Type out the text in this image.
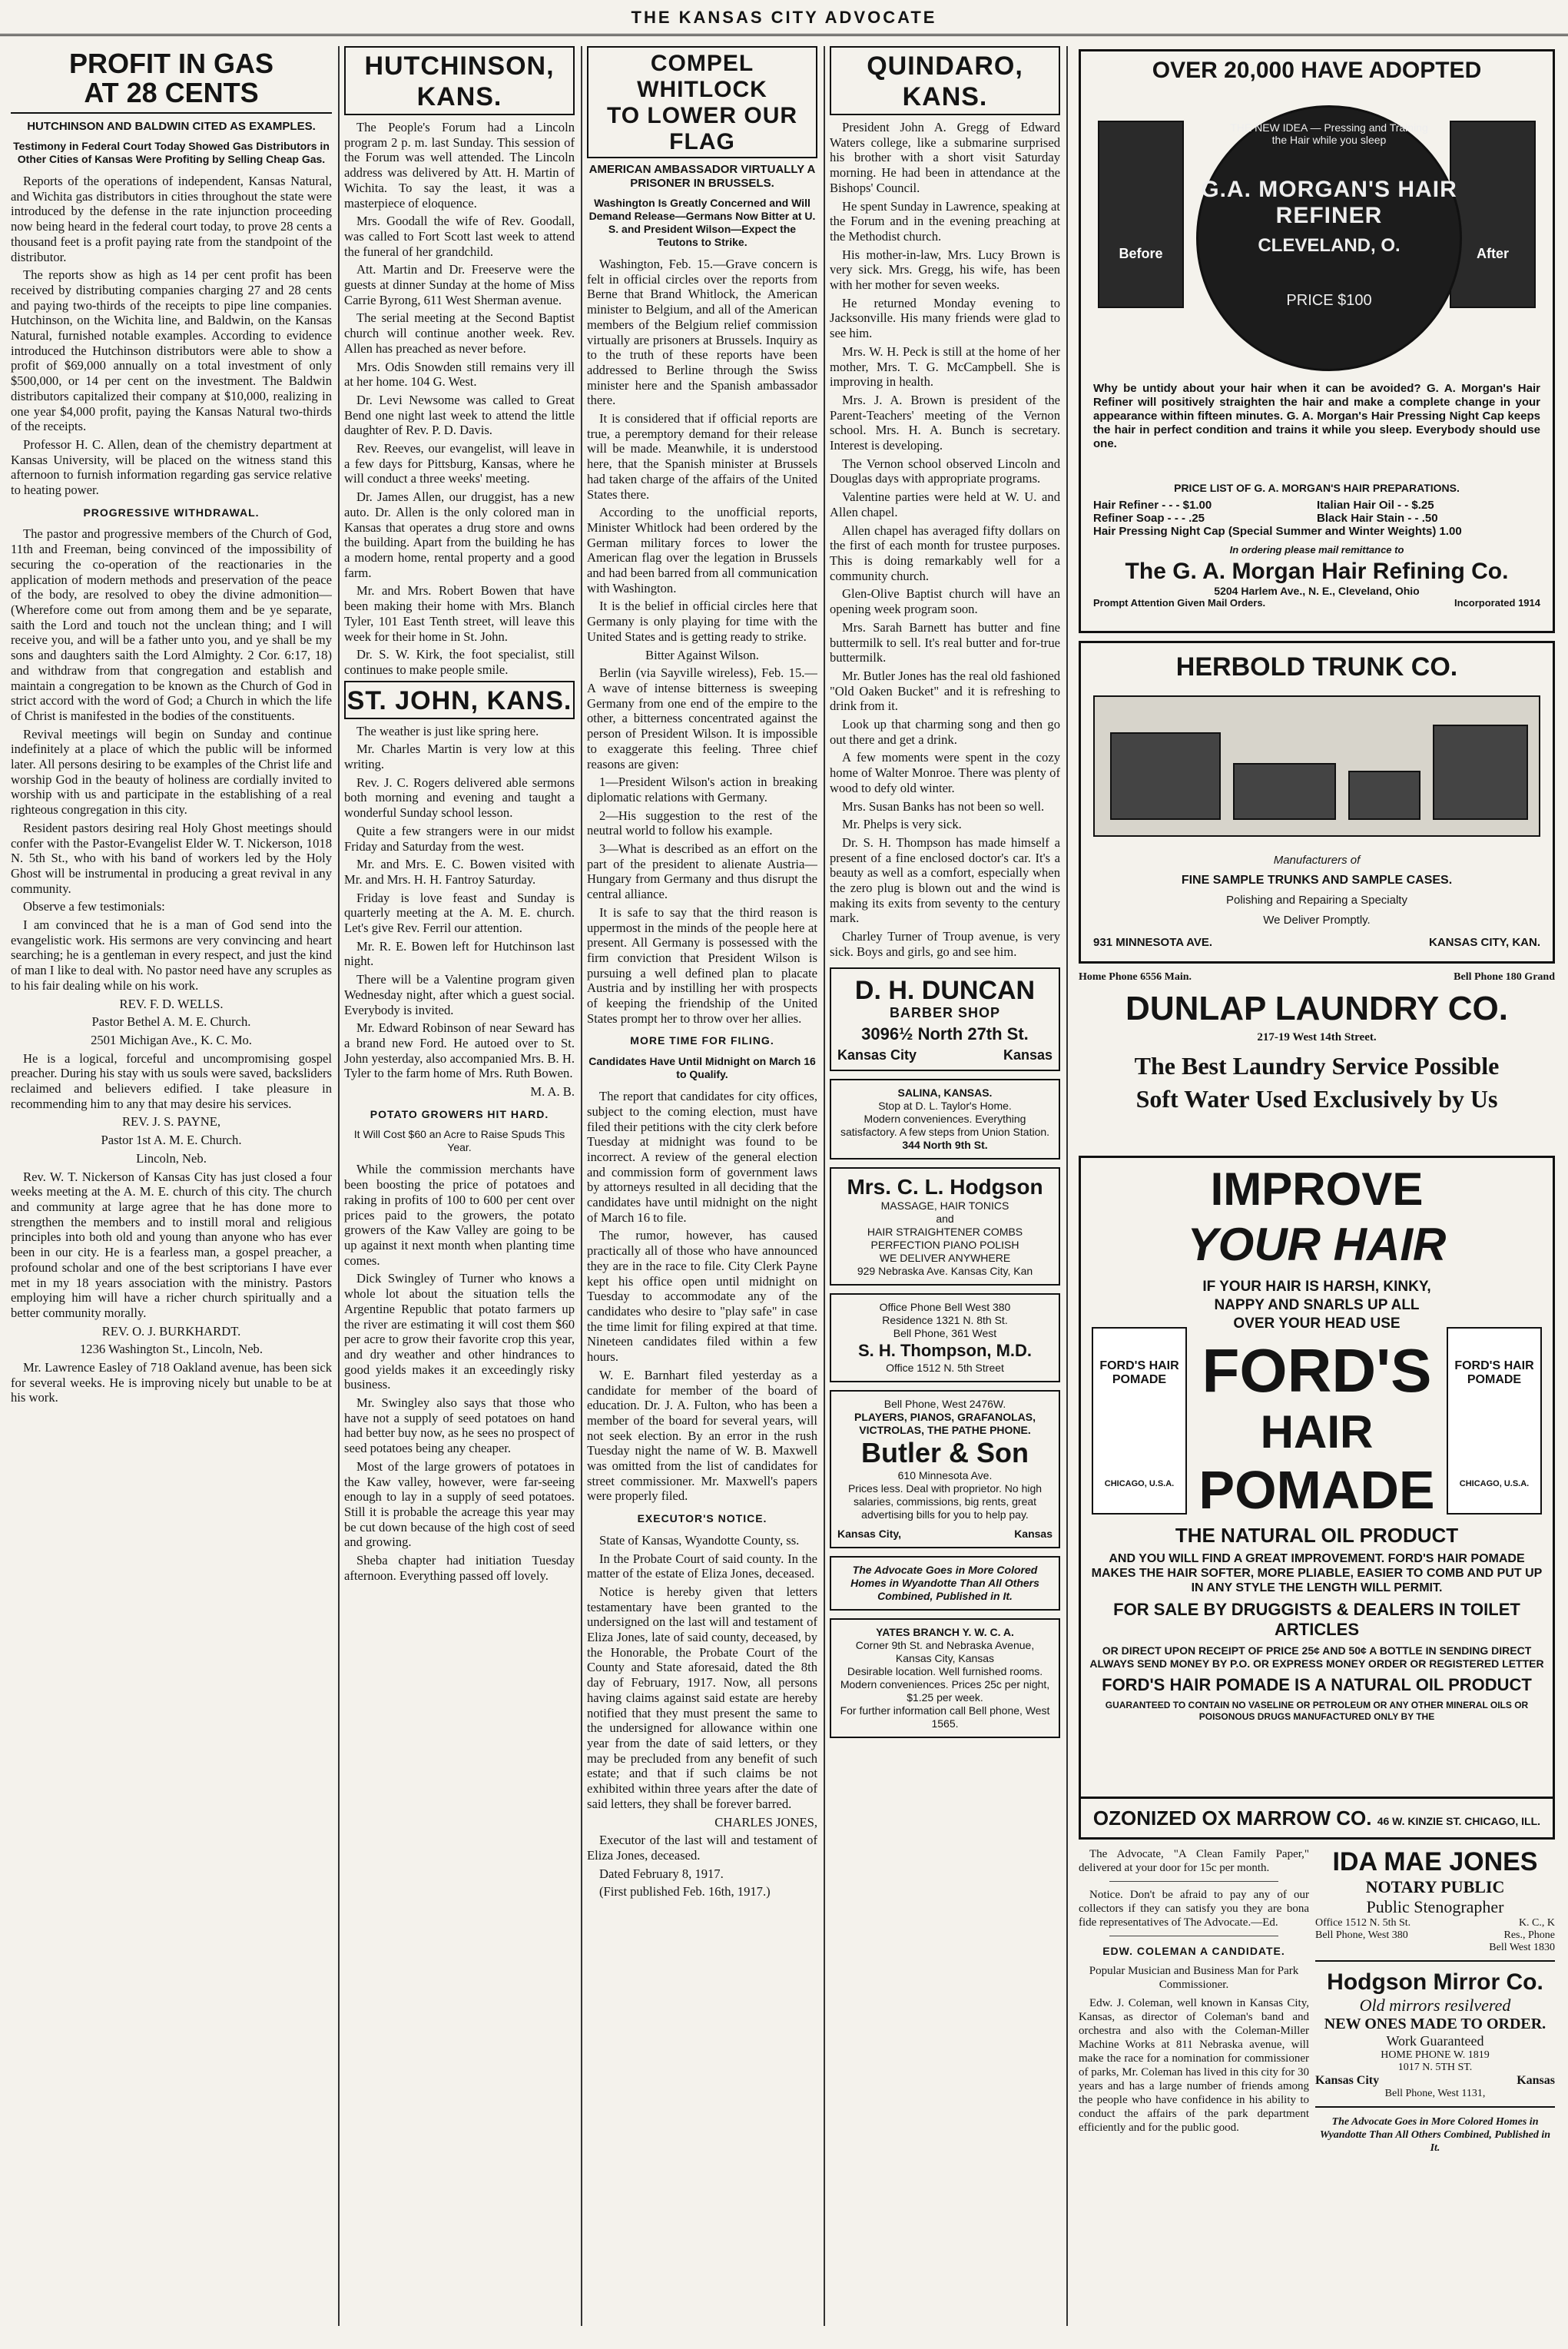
THE KANSAS CITY ADVOCATE
PROFIT IN GAS
AT 28 CENTS
HUTCHINSON AND BALDWIN CITED AS EXAMPLES.
Testimony in Federal Court Today Showed Gas Distributors in Other Cities of Kansas Were Profiting by Selling Cheap Gas.

Reports of the operations of independent, Kansas Natural, and Wichita gas distributors in cities throughout the state were introduced by the defense in the rate injunction proceeding now being heard in the federal court today, to prove 28 cents a thousand feet is a profit paying rate from the standpoint of the distributor.

The reports show as high as 14 per cent profit has been received by distributing companies charging 27 and 28 cents and paying two-thirds of the receipts to pipe line companies. Hutchinson, on the Wichita line, and Baldwin, on the Kansas Natural, furnished notable examples. According to evidence introduced the Hutchinson distributors were able to show a profit of $69,000 annually on a total investment of only $500,000, or 14 per cent on the investment. The Baldwin distributors capitalized their company at $10,000, realizing in one year $4,000 profit, paying the Kansas Natural two-thirds of the receipts.

Professor H. C. Allen, dean of the chemistry department at Kansas University, will be placed on the witness stand this afternoon to furnish information regarding gas service relative to heating power.

PROGRESSIVE WITHDRAWAL.

The pastor and progressive members of the Church of God, 11th and Freeman, being convinced of the impossibility of securing the co-operation of the reactionaries in the application of modern methods and preservation of the peace of the body, are resolved to obey the divine admonition—(Wherefore come out from among them and be ye separate, saith the Lord and touch not the unclean thing; and I will receive you, and will be a father unto you, and ye shall be my sons and daughters saith the Lord Almighty. 2 Cor. 6:17, 18) and withdraw from that congregation and establish and maintain a congregation to be known as the Church of God in strict accord with the word of God; a Church in which the life of Christ is manifested in the bodies of the constituents.

Revival meetings will begin on Sunday and continue indefinitely at a place of which the public will be informed later. All persons desiring to be examples of the Christ life and worship God in the beauty of holiness are cordially invited to worship with us and participate in the establishing of a real righteous congregation in this city.

Resident pastors desiring real Holy Ghost meetings should confer with the Pastor-Evangelist Elder W. T. Nickerson, 1018 N. 5th St., who with his band of workers led by the Holy Ghost will be instrumental in producing a great revival in any community.

Observe a few testimonials:

I am convinced that he is a man of God send into the evangelistic work. His sermons are very convincing and heart searching; he is a gentleman in every respect, and just the kind of man I like to deal with. No pastor need have any scruples as to his fair dealing while on his work.

REV. F. D. WELLS.

Pastor Bethel A. M. E. Church.

2501 Michigan Ave., K. C. Mo.

He is a logical, forceful and uncompromising gospel preacher. During his stay with us souls were saved, backsliders reclaimed and believers edified. I take pleasure in recommending him to any that may desire his services.

REV. J. S. PAYNE,

Pastor 1st A. M. E. Church.

Lincoln, Neb.

Rev. W. T. Nickerson of Kansas City has just closed a four weeks meeting at the A. M. E. church of this city. The church and community at large agree that he has done more to strengthen the members and to instill moral and religious principles into both old and young than anyone who has ever been in our city. He is a fearless man, a gospel preacher, a profound scholar and one of the best scriptorians I have ever met in my 18 years association with the ministry. Pastors employing him will have a richer church spiritually and a better community morally.

REV. O. J. BURKHARDT.

1236 Washington St., Lincoln, Neb.

Mr. Lawrence Easley of 718 Oakland avenue, has been sick for several weeks. He is improving nicely but unable to be at his work.

HUTCHINSON, KANS.

The People's Forum had a Lincoln program 2 p. m. last Sunday. This session of the Forum was well attended. The Lincoln address was delivered by Att. H. Martin of Wichita. To say the least, it was a masterpiece of eloquence.

Mrs. Goodall the wife of Rev. Goodall, was called to Fort Scott last week to attend the funeral of her grandchild.

Att. Martin and Dr. Freeserve were the guests at dinner Sunday at the home of Miss Carrie Byrong, 611 West Sherman avenue.

The serial meeting at the Second Baptist church will continue another week. Rev. Allen has preached as never before.

Mrs. Odis Snowden still remains very ill at her home. 104 G. West.

Dr. Levi Newsome was called to Great Bend one night last week to attend the little daughter of Rev. P. D. Davis.

Rev. Reeves, our evangelist, will leave in a few days for Pittsburg, Kansas, where he will conduct a three weeks' meeting.

Dr. James Allen, our druggist, has a new auto. Dr. Allen is the only colored man in Kansas that operates a drug store and owns the building. Apart from the building he has a modern home, rental property and a good farm.

Mr. and Mrs. Robert Bowen that have been making their home with Mrs. Blanch Tyler, 101 East Tenth street, will leave this week for their home in St. John.

Dr. S. W. Kirk, the foot specialist, still continues to make people smile.

ST. JOHN, KANS.

The weather is just like spring here.

Mr. Charles Martin is very low at this writing.

Rev. J. C. Rogers delivered able sermons both morning and evening and taught a wonderful Sunday school lesson.

Quite a few strangers were in our midst Friday and Saturday from the west.

Mr. and Mrs. E. C. Bowen visited with Mr. and Mrs. H. H. Fantroy Saturday.

Friday is love feast and Sunday is quarterly meeting at the A. M. E. church. Let's give Rev. Ferril our attention.

Mr. R. E. Bowen left for Hutchinson last night.

There will be a Valentine program given Wednesday night, after which a guest social. Everybody is invited.

Mr. Edward Robinson of near Seward has a brand new Ford. He autoed over to St. John yesterday, also accompanied Mrs. B. H. Tyler to the farm home of Mrs. Ruth Bowen.

M. A. B.

POTATO GROWERS HIT HARD.
It Will Cost $60 an Acre to Raise Spuds This Year.

While the commission merchants have been boosting the price of potatoes and raking in profits of 100 to 600 per cent over prices paid to the growers, the potato growers of the Kaw Valley are going to be up against it next month when planting time comes.

Dick Swingley of Turner who knows a whole lot about the situation tells the Argentine Republic that potato farmers up the river are estimating it will cost them $60 per acre to grow their favorite crop this year, and dry weather and other hindrances to good yields makes it an exceedingly risky business.

Mr. Swingley also says that those who have not a supply of seed potatoes on hand had better buy now, as he sees no prospect of seed potatoes being any cheaper.

Most of the large growers of potatoes in the Kaw valley, however, were far-seeing enough to lay in a supply of seed potatoes. Still it is probable the acreage this year may be cut down because of the high cost of seed and growing.

Sheba chapter had initiation Tuesday afternoon. Everything passed off lovely.

COMPEL WHITLOCK
TO LOWER OUR FLAG
AMERICAN AMBASSADOR VIRTUALLY A PRISONER IN BRUSSELS.
Washington Is Greatly Concerned and Will Demand Release—Germans Now Bitter at U. S. and President Wilson—Expect the Teutons to Strike.

Washington, Feb. 15.—Grave concern is felt in official circles over the reports from Berne that Brand Whitlock, the American minister to Belgium, and all of the American members of the Belgium relief commission virtually are prisoners at Brussels. Inquiry as to the truth of these reports have been addressed to Berline through the Swiss minister here and the Spanish ambassador there.

It is considered that if official reports are true, a peremptory demand for their release will be made. Meanwhile, it is understood here, that the Spanish minister at Brussels had taken charge of the affairs of the United States there.

According to the unofficial reports, Minister Whitlock had been ordered by the German military forces to lower the American flag over the legation in Brussels and had been barred from all communication with Washington.

It is the belief in official circles here that Germany is only playing for time with the United States and is getting ready to strike.

Bitter Against Wilson.

Berlin (via Sayville wireless), Feb. 15.—A wave of intense bitterness is sweeping Germany from one end of the empire to the other, a bitterness concentrated against the person of President Wilson. It is impossible to exaggerate this feeling. Three chief reasons are given:

1—President Wilson's action in breaking diplomatic relations with Germany.

2—His suggestion to the rest of the neutral world to follow his example.

3—What is described as an effort on the part of the president to alienate Austria—Hungary from Germany and thus disrupt the central alliance.

It is safe to say that the third reason is uppermost in the minds of the people here at present. All Germany is possessed with the firm conviction that President Wilson is pursuing a well defined plan to placate Austria and by instilling her with prospects of keeping the friendship of the United States prompt her to throw over her allies.

MORE TIME FOR FILING.
Candidates Have Until Midnight on March 16 to Qualify.

The report that candidates for city offices, subject to the coming election, must have filed their petitions with the city clerk before Tuesday at midnight was found to be incorrect. A review of the general election and commission form of government laws by attorneys resulted in all deciding that the candidates have until midnight on the night of March 16 to file.

The rumor, however, has caused practically all of those who have announced they are in the race to file. City Clerk Payne kept his office open until midnight on Tuesday to accommodate any of the candidates who desire to "play safe" in case the time limit for filing expired at that time. Nineteen candidates filed within a few hours.

W. E. Barnhart filed yesterday as a candidate for member of the board of education. Dr. J. A. Fulton, who has been a member of the board for several years, will not seek election. By an error in the rush Tuesday night the name of W. B. Maxwell was omitted from the list of candidates for street commissioner. Mr. Maxwell's papers were properly filed.

EXECUTOR'S NOTICE.

State of Kansas, Wyandotte County, ss.

In the Probate Court of said county. In the matter of the estate of Eliza Jones, deceased.

Notice is hereby given that letters testamentary have been granted to the undersigned on the last will and testament of Eliza Jones, late of said county, deceased, by the Honorable, the Probate Court of the County and State aforesaid, dated the 8th day of February, 1917. Now, all persons having claims against said estate are hereby notified that they must present the same to the undersigned for allowance within one year from the date of said letters, or they may be precluded from any benefit of such estate; and that if such claims be not exhibited within three years after the date of said letters, they shall be forever barred.

CHARLES JONES,

Executor of the last will and testament of Eliza Jones, deceased.

Dated February 8, 1917.

(First published Feb. 16th, 1917.)

QUINDARO, KANS.

President John A. Gregg of Edward Waters college, like a submarine surprised his brother with a short visit Saturday morning. He had been in attendance at the Bishops' Council.

He spent Sunday in Lawrence, speaking at the Forum and in the evening preaching at the Methodist church.

His mother-in-law, Mrs. Lucy Brown is very sick. Mrs. Gregg, his wife, has been with her mother for seven weeks.

He returned Monday evening to Jacksonville. His many friends were glad to see him.

Mrs. W. H. Peck is still at the home of her mother, Mrs. T. G. McCampbell. She is improving in health.

Mrs. J. A. Brown is president of the Parent-Teachers' meeting of the Vernon school. Mrs. H. A. Bunch is secretary. Interest is developing.

The Vernon school observed Lincoln and Douglas days with appropriate programs.

Valentine parties were held at W. U. and Allen chapel.

Allen chapel has averaged fifty dollars on the first of each month for trustee purposes. This is doing remarkably well for a community church.

Glen-Olive Baptist church will have an opening week program soon.

Mrs. Sarah Barnett has butter and fine buttermilk to sell. It's real butter and for-true buttermilk.

Mr. Butler Jones has the real old fashioned "Old Oaken Bucket" and it is refreshing to drink from it.

Look up that charming song and then go out there and get a drink.

A few moments were spent in the cozy home of Walter Monroe. There was plenty of wood to defy old winter.

Mrs. Susan Banks has not been so well.

Mr. Phelps is very sick.

Dr. S. H. Thompson has made himself a present of a fine enclosed doctor's car. It's a beauty as well as a comfort, especially when the zero plug is blown out and the wind is making its exits from seventy to the century mark.

Charley Turner of Troup avenue, is very sick. Boys and girls, go and see him.

D. H. DUNCAN
BARBER SHOP
3096½ North 27th St.
Kansas City	Kansas
SALINA, KANSAS.
Stop at D. L. Taylor's Home.
Modern conveniences. Everything satisfactory. A few steps from Union Station.
344 North 9th St.
Mrs. C. L. Hodgson
MASSAGE, HAIR TONICS
and
HAIR STRAIGHTENER COMBS
PERFECTION PIANO POLISH
WE DELIVER ANYWHERE
929 Nebraska Ave. Kansas City, Kan
Office Phone Bell West 380
Residence 1321 N. 8th St.
Bell Phone, 361 West
S. H. Thompson, M.D.
Office 1512 N. 5th Street
Bell Phone, West 2476W.
PLAYERS, PIANOS, GRAFANOLAS, VICTROLAS, THE PATHE PHONE.
Butler & Son
610 Minnesota Ave.
Prices less. Deal with proprietor. No high salaries, commissions, big rents, great advertising bills for you to help pay.
Kansas City,	Kansas
The Advocate Goes in More Colored Homes in Wyandotte Than All Others Combined, Published in It.
YATES BRANCH Y. W. C. A.
Corner 9th St. and Nebraska Avenue, Kansas City, Kansas
Desirable location. Well furnished rooms. Modern conveniences. Prices 25c per night, $1.25 per week.
For further information call Bell phone, West 1565.
OVER 20,000 HAVE ADOPTED
Before	After
THE NEW IDEA — Pressing and Training the Hair while you sleep
G.A. MORGAN'S HAIR REFINER
CLEVELAND, O.
PRICE $100
Why be untidy about your hair when it can be avoided? G. A. Morgan's Hair Refiner will positively straighten the hair and make a complete change in your appearance within fifteen minutes. G. A. Morgan's Hair Pressing Night Cap keeps the hair in perfect condition and trains it while you sleep. Everybody should use one.
PRICE LIST OF G. A. MORGAN'S HAIR PREPARATIONS.
Hair Refiner - - - $1.00	Italian Hair Oil - - $.25
Refiner Soap - - - .25	Black Hair Stain - - .50
Hair Pressing Night Cap (Special Summer and Winter Weights) 1.00
In ordering please mail remittance to
The G. A. Morgan Hair Refining Co.
5204 Harlem Ave., N. E., Cleveland, Ohio
Prompt Attention Given Mail Orders.	Incorporated 1914
HERBOLD TRUNK CO.
Manufacturers of
FINE SAMPLE TRUNKS AND SAMPLE CASES.
Polishing and Repairing a Specialty
We Deliver Promptly.
931 MINNESOTA AVE.	KANSAS CITY, KAN.
Home Phone 6556 Main.	Bell Phone 180 Grand
DUNLAP LAUNDRY CO.
217-19 West 14th Street.
The Best Laundry Service Possible
Soft Water Used Exclusively by Us
IMPROVE
YOUR HAIR
FORD'S HAIR POMADE
CHICAGO, U.S.A.
FORD'S HAIR POMADE
CHICAGO, U.S.A.
IF YOUR HAIR IS HARSH, KINKY, NAPPY AND SNARLS UP ALL OVER YOUR HEAD USE
FORD'S
HAIR
POMADE
THE NATURAL OIL PRODUCT
AND YOU WILL FIND A GREAT IMPROVEMENT. FORD'S HAIR POMADE MAKES THE HAIR SOFTER, MORE PLIABLE, EASIER TO COMB AND PUT UP IN ANY STYLE THE LENGTH WILL PERMIT.
FOR SALE BY DRUGGISTS & DEALERS IN TOILET ARTICLES
OR DIRECT UPON RECEIPT OF PRICE 25¢ AND 50¢ A BOTTLE IN SENDING DIRECT ALWAYS SEND MONEY BY P.O. OR EXPRESS MONEY ORDER OR REGISTERED LETTER
FORD'S HAIR POMADE IS A NATURAL OIL PRODUCT
GUARANTEED TO CONTAIN NO VASELINE OR PETROLEUM OR ANY OTHER MINERAL OILS OR POISONOUS DRUGS MANUFACTURED ONLY BY THE
OZONIZED OX MARROW CO. 46 W. KINZIE ST. CHICAGO, ILL.

The Advocate, "A Clean Family Paper," delivered at your door for 15c per month.

Notice. Don't be afraid to pay any of our collectors if they can satisfy you they are bona fide representatives of The Advocate.—Ed.

EDW. COLEMAN A CANDIDATE.

Popular Musician and Business Man for Park Commissioner.

Edw. J. Coleman, well known in Kansas City, Kansas, as director of Coleman's band and orchestra and also with the Coleman-Miller Machine Works at 811 Nebraska avenue, will make the race for a nomination for commissioner of parks, Mr. Coleman has lived in this city for 30 years and has a large number of friends among the people who have confidence in his ability to conduct the affairs of the park department efficiently and for the public good.

IDA MAE JONES
NOTARY PUBLIC
Public Stenographer
Office 1512 N. 5th St.	K. C., K
Bell Phone, West 380	Res., Phone
Bell West 1830
Hodgson Mirror Co.
Old mirrors resilvered
NEW ONES MADE TO ORDER.
Work Guaranteed
HOME PHONE W. 1819
1017 N. 5TH ST.
Kansas City	Kansas
Bell Phone, West 1131,
The Advocate Goes in More Colored Homes in Wyandotte Than All Others Combined, Published in It.
